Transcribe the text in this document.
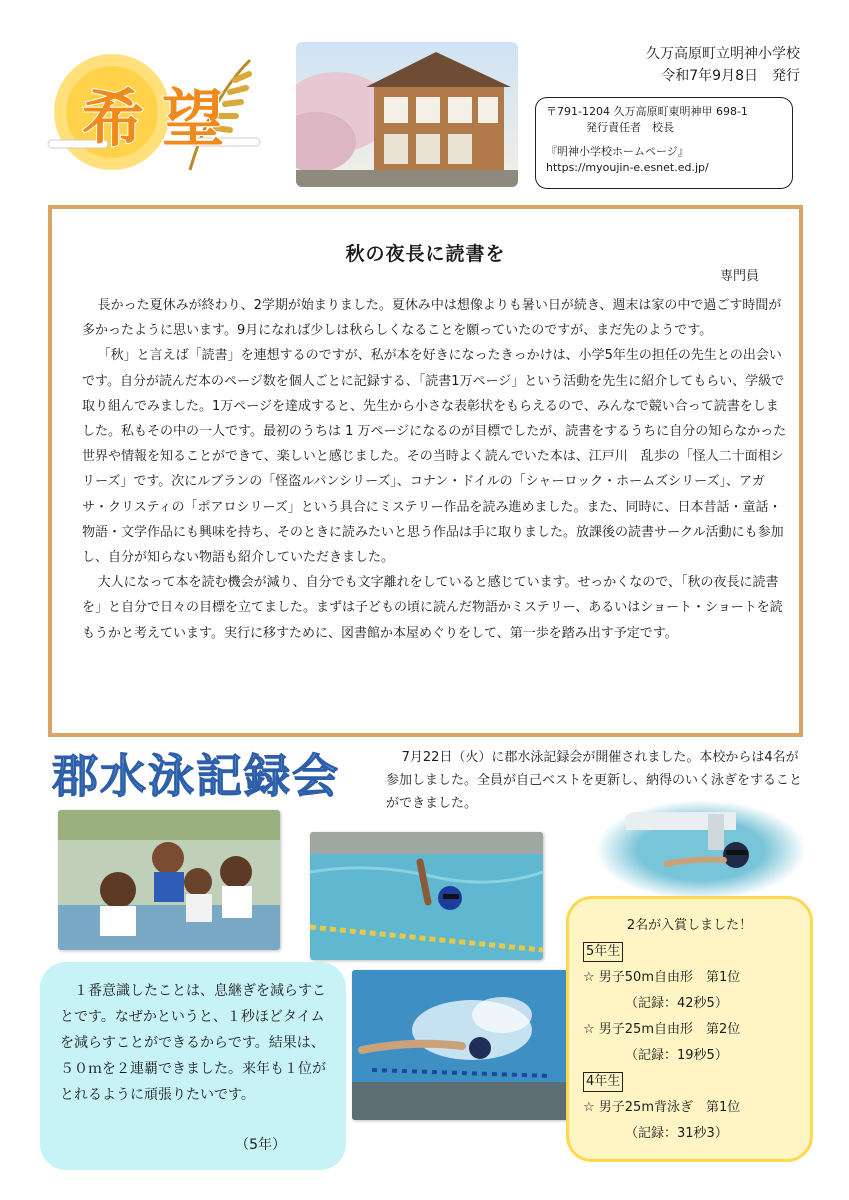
希望
久万高原町立明神小学校
令和7年9月8日　発行
〒791-1204 久万高原町東明神甲 698-1
発行責任者　校長
『明神小学校ホームページ』
https://myoujin-e.esnet.ed.jp/
秋の夜長に読書を
専門員

長かった夏休みが終わり、2学期が始まりました。夏休み中は想像よりも暑い日が続き、週末は家の中で過ごす時間が多かったように思います。9月になれば少しは秋らしくなることを願っていたのですが、まだ先のようです。

「秋」と言えば「読書」を連想するのですが、私が本を好きになったきっかけは、小学5年生の担任の先生との出会いです。自分が読んだ本のページ数を個人ごとに記録する、「読書1万ページ」という活動を先生に紹介してもらい、学級で取り組んでみました。1万ページを達成すると、先生から小さな表彰状をもらえるので、みんなで競い合って読書をしました。私もその中の一人です。最初のうちは 1 万ページになるのが目標でしたが、読書をするうちに自分の知らなかった世界や情報を知ることができて、楽しいと感じました。その当時よく読んでいた本は、江戸川　乱歩の「怪人二十面相シリーズ」です。次にルブランの「怪盗ルパンシリーズ」、コナン・ドイルの「シャーロック・ホームズシリーズ」、アガサ・クリスティの「ポアロシリーズ」という具合にミステリー作品を読み進めました。また、同時に、日本昔話・童話・物語・文学作品にも興味を持ち、そのときに読みたいと思う作品は手に取りました。放課後の読書サークル活動にも参加し、自分が知らない物語も紹介していただきました。

大人になって本を読む機会が減り、自分でも文字離れをしていると感じています。せっかくなので、「秋の夜長に読書を」と自分で日々の目標を立てました。まずは子どもの頃に読んだ物語かミステリー、あるいはショート・ショートを読もうかと考えています。実行に移すために、図書館か本屋めぐりをして、第一歩を踏み出す予定です。

郡水泳記録会	7月22日（火）に郡水泳記録会が開催されました。本校からは4名が参加しました。全員が自己ベストを更新し、納得のいく泳ぎをすることができました。
１番意識したことは、息継ぎを減らすことです。なぜかというと、１秒ほどタイムを減らすことができるからです。結果は、５０ｍを２連覇できました。来年も１位がとれるように頑張りたいです。
（5年）
2名が入賞しました！
5年生
☆ 男子50m自由形　第1位
（記録：42秒5）
☆ 男子25m自由形　第2位
（記録：19秒5）
4年生
☆ 男子25m背泳ぎ　第1位
（記録：31秒3）
